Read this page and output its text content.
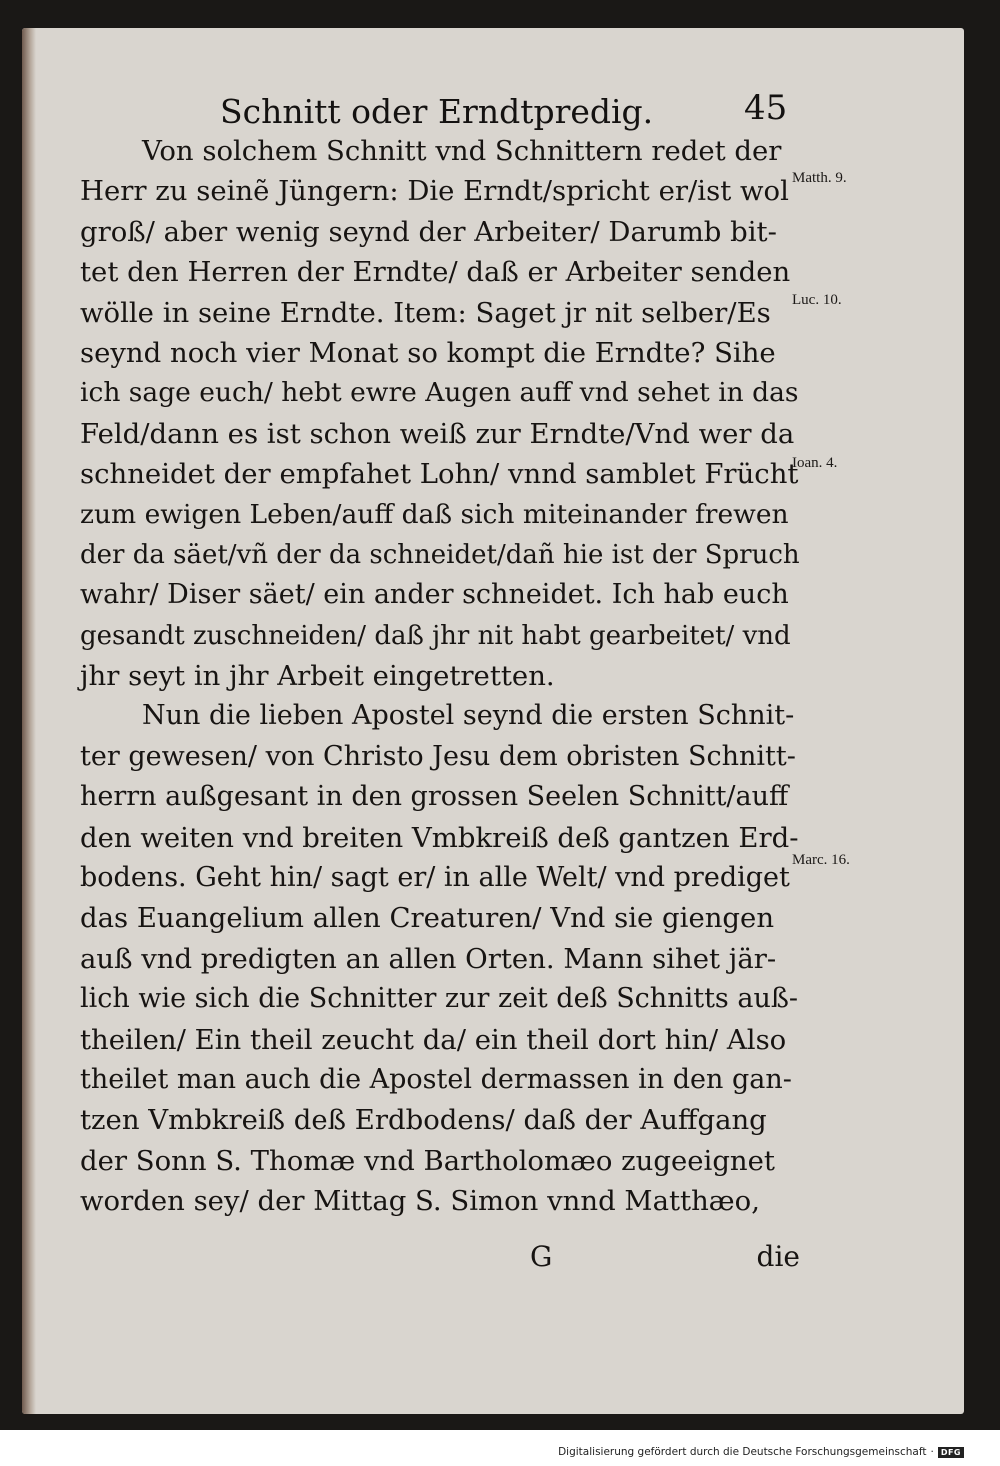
Schnitt oder Erndtpredig.	45
Von solchem Schnitt vnd Schnittern redet der
Herr zu seinẽ Jüngern: Die Erndt/spricht er/ist wol
groß/ aber wenig seynd der Arbeiter/ Darumb bit-
tet den Herren der Erndte/ daß er Arbeiter senden
wölle in seine Erndte. Item: Saget jr nit selber/Es
seynd noch vier Monat so kompt die Erndte? Sihe
ich sage euch/ hebt ewre Augen auff vnd sehet in das
Feld/dann es ist schon weiß zur Erndte/Vnd wer da
schneidet der empfahet Lohn/ vnnd samblet Frücht
zum ewigen Leben/auff daß sich miteinander frewen
der da säet/vñ der da schneidet/dañ hie ist der Spruch
wahr/ Diser säet/ ein ander schneidet. Ich hab euch
gesandt zuschneiden/ daß jhr nit habt gearbeitet/ vnd
jhr seyt in jhr Arbeit eingetretten.
Nun die lieben Apostel seynd die ersten Schnit-
ter gewesen/ von Christo Jesu dem obristen Schnitt-
herrn außgesant in den grossen Seelen Schnitt/auff
den weiten vnd breiten Vmbkreiß deß gantzen Erd-
bodens. Geht hin/ sagt er/ in alle Welt/ vnd prediget
das Euangelium allen Creaturen/ Vnd sie giengen
auß vnd predigten an allen Orten. Mann sihet jär-
lich wie sich die Schnitter zur zeit deß Schnitts auß-
theilen/ Ein theil zeucht da/ ein theil dort hin/ Also
theilet man auch die Apostel dermassen in den gan-
tzen Vmbkreiß deß Erdbodens/ daß der Auffgang
der Sonn S. Thomæ vnd Bartholomæo zugeeignet
worden sey/ der Mittag S. Simon vnnd Matthæo,
Matth. 9.
Luc. 10.
Ioan. 4.
Marc. 16.
G	die
Digitalisierung gefördert durch die Deutsche Forschungsgemeinschaft · DFG
